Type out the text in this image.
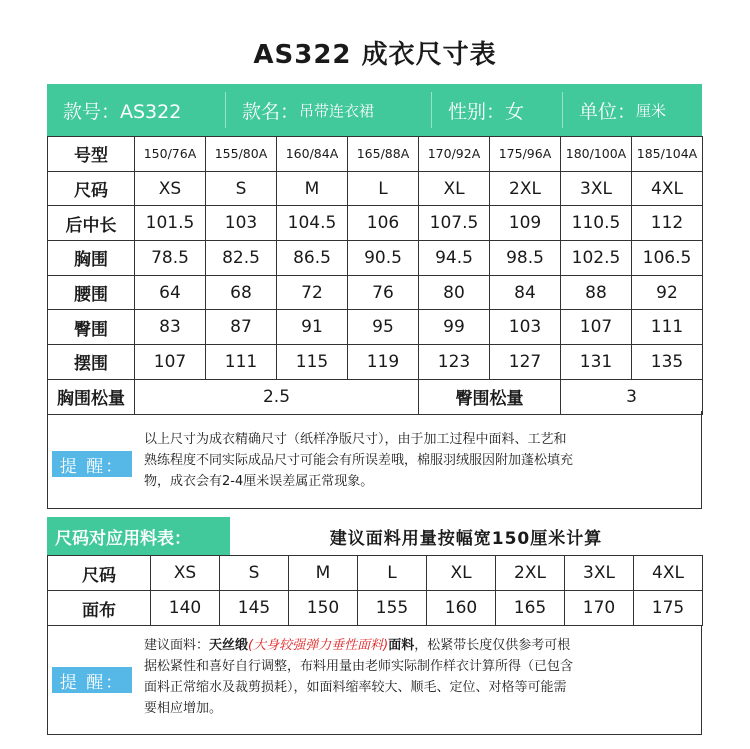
AS322 成衣尺寸表
款号：AS322	款名： 吊带连衣裙	性别：女	单位： 厘米
号型	150/76A	155/80A	160/84A	165/88A	170/92A	175/96A	180/100A	185/104A
尺码	XS	S	M	L	XL	2XL	3XL	4XL
后中长	101.5	103	104.5	106	107.5	109	110.5	112
胸围	78.5	82.5	86.5	90.5	94.5	98.5	102.5	106.5
腰围	64	68	72	76	80	84	88	92
臀围	83	87	91	95	99	103	107	111
摆围	107	111	115	119	123	127	131	135
胸围松量	2.5				臀围松量		3	
提 醒：
以上尺寸为成衣精确尺寸（纸样净版尺寸），由于加工过程中面料、工艺和
熟练程度不同实际成品尺寸可能会有所误差哦，棉服羽绒服因附加蓬松填充
物，成衣会有2-4厘米误差属正常现象。
尺码对应用料表：	建议面料用量按幅宽150厘米计算
尺码	XS	S	M	L	XL	2XL	3XL	4XL
面布	140	145	150	155	160	165	170	175
提 醒：
建议面料：天丝缎(大身较强弹力垂性面料)面料，松紧带长度仅供参考可根
据松紧性和喜好自行调整，布料用量由老师实际制作样衣计算所得（已包含
面料正常缩水及裁剪损耗），如面料缩率较大、顺毛、定位、对格等可能需
要相应增加。
